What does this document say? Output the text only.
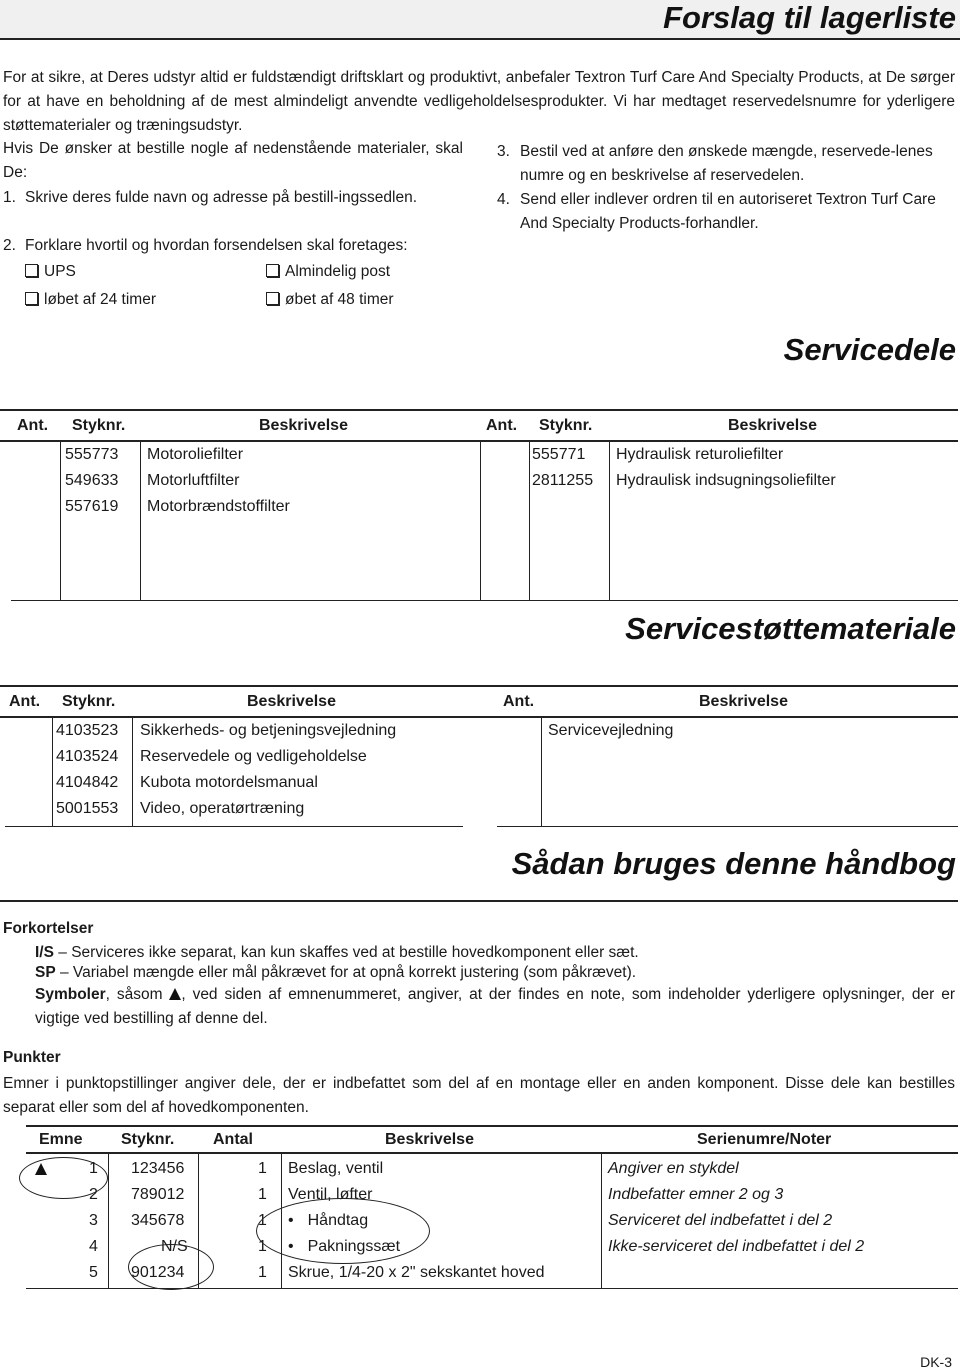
Forslag til lagerliste
For at sikre, at Deres udstyr altid er fuldstændigt driftsklart og produktivt, anbefaler Textron Turf Care And Specialty Products, at De sørger for at have en beholdning af de mest almindeligt anvendte vedligeholdelsesprodukter. Vi har medtaget reservedelsnumre for yderligere støttematerialer og træningsudstyr.
Hvis De ønsker at bestille nogle af nedenstående materialer, skal De:
1. Skrive deres fulde navn og adresse på bestill-ingssedlen.
2. Forklare hvortil og hvordan forsendelsen skal foretages:
UPS	Almindelig post
løbet af 24 timer	øbet af 48 timer
3. Bestil ved at anføre den ønskede mængde, reservede-lenes numre og en beskrivelse af reservedelen.
4. Send eller indlever ordren til en autoriseret Textron Turf Care And Specialty Products-forhandler.
Servicedele
Ant. Styknr.	Beskrivelse	Ant. Styknr.	Beskrivelse
555773 Motoroliefilter
549633 Motorluftfilter
557619 Motorbrændstoffilter
555771 Hydraulisk returoliefilter
2811255 Hydraulisk indsugningsoliefilter
Servicestøttemateriale
Ant. Styknr.	Beskrivelse	Ant.	Beskrivelse
4103523 Sikkerheds- og betjeningsvejledning
4103524 Reservedele og vedligeholdelse
4104842 Kubota motordelsmanual
5001553 Video, operatørtræning
Servicevejledning
Sådan bruges denne håndbog
Forkortelser
I/S – Serviceres ikke separat, kan kun skaffes ved at bestille hovedkomponent eller sæt.
SP – Variabel mængde eller mål påkrævet for at opnå korrekt justering (som påkrævet).
Symboler, såsom , ved siden af emnenummeret, angiver, at der findes en note, som indeholder yderligere oplysninger, der er vigtige ved bestilling af denne del.
Punkter
Emner i punktopstillinger angiver dele, der er indbefattet som del af en montage eller en anden komponent. Disse dele kan bestilles separat eller som del af hovedkomponenten.
Emne Styknr. Antal	Beskrivelse	Serienumre/Noter
1 123456	1 Beslag, ventil	Angiver en stykdel
2 789012	1 Ventil, løfter	Indbefatter emner 2 og 3
3 345678	1 • Håndtag	Serviceret del indbefattet i del 2
4	N/S	1 • Pakningssæt	Ikke-serviceret del indbefattet i del 2
5 901234	1 Skrue, 1/4-20 x 2" sekskantet hoved
DK-3
